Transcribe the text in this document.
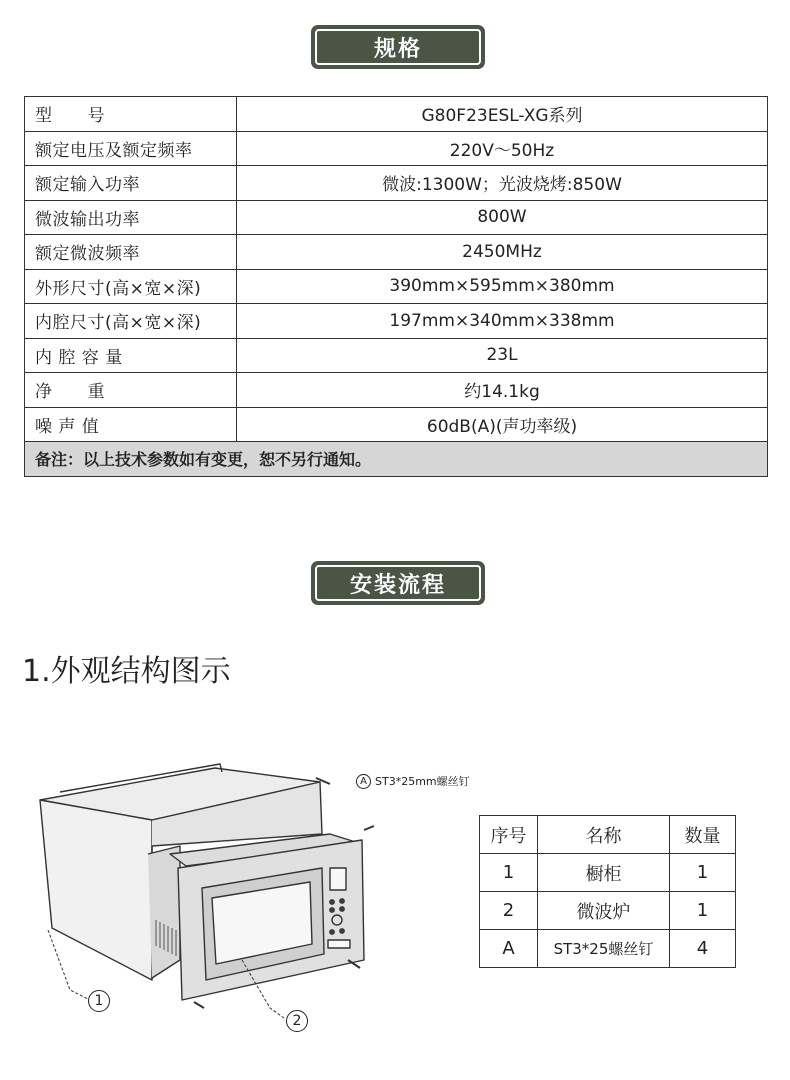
规格
型　　号	G80F23ESL-XG系列
额定电压及额定频率	220V～50Hz
额定输入功率	微波:1300W；光波烧烤:850W
微波输出功率	800W
额定微波频率	2450MHz
外形尺寸(高×宽×深)	390mm×595mm×380mm
内腔尺寸(高×宽×深)	197mm×340mm×338mm
内 腔 容 量	23L
净　　重	约14.1kg
噪 声 值	60dB(A)(声功率级)
备注：以上技术参数如有变更，恕不另行通知。	
安装流程
1.外观结构图示
A ST3*25mm螺丝钉
1
2
序号	名称	数量
1	橱柜	1
2	微波炉	1
A	ST3*25螺丝钉	4
